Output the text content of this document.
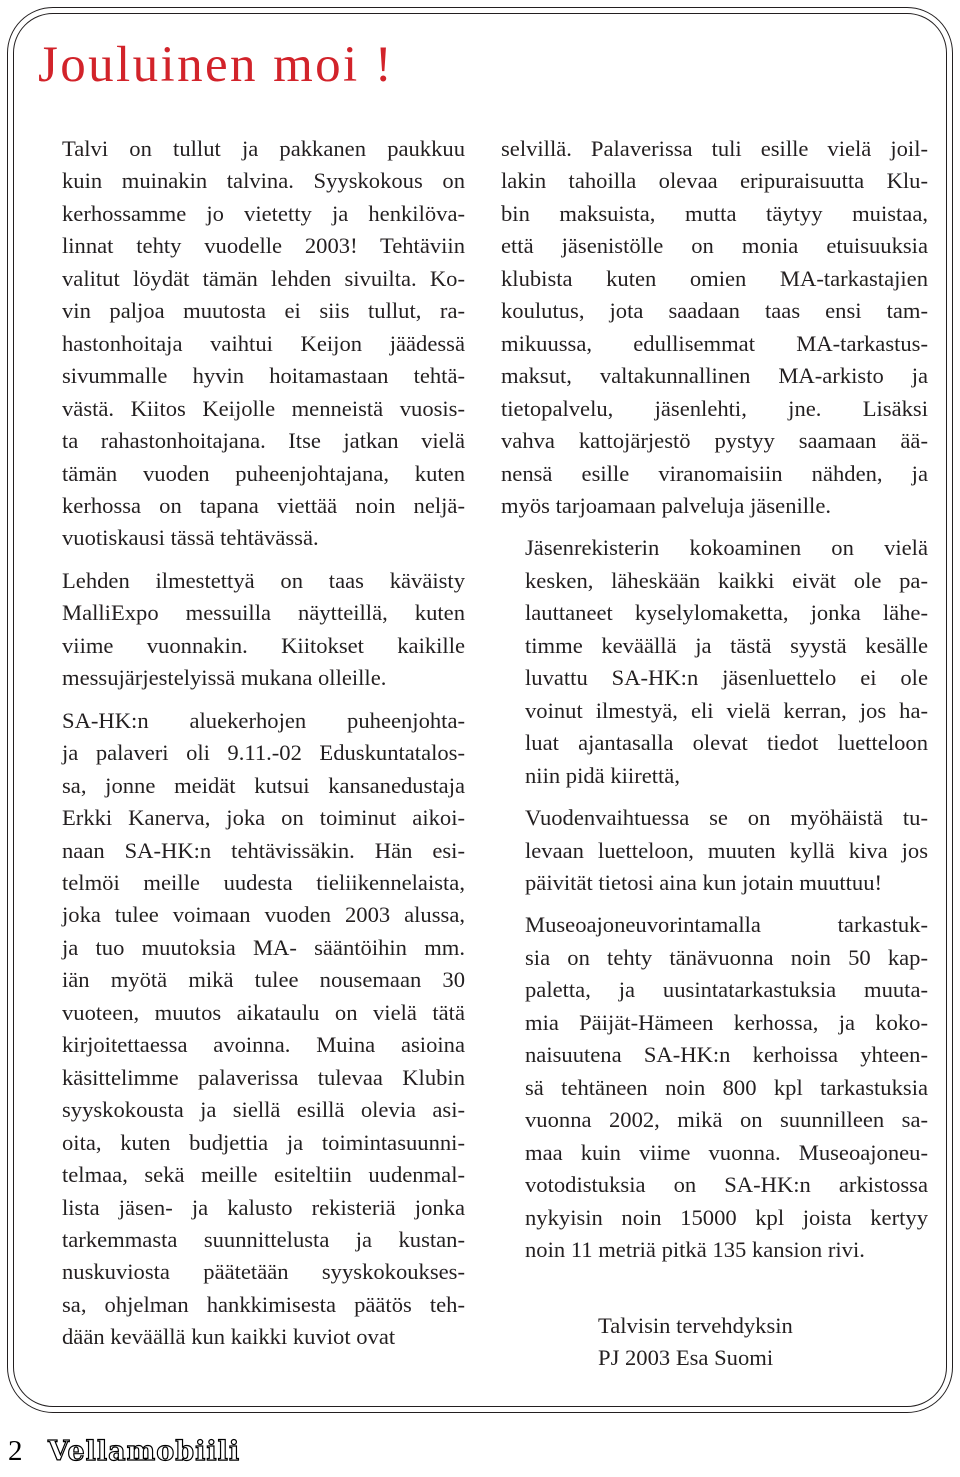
Jouluinen moi !

Talvi on tullut ja pakkanen paukkuu
kuin muinakin talvina. Syyskokous on
kerhossamme jo vietetty ja henkilöva-
linnat tehty vuodelle 2003! Tehtäviin
valitut löydät tämän lehden sivuilta. Ko-
vin paljoa muutosta ei siis tullut, ra-
hastonhoitaja vaihtui Keijon jäädessä
sivummalle hyvin hoitamastaan tehtä-
västä. Kiitos Keijolle menneistä vuosis-
ta rahastonhoitajana. Itse jatkan vielä
tämän vuoden puheenjohtajana, kuten
kerhossa on tapana viettää noin neljä-
vuotiskausi tässä tehtävässä.

Lehden ilmestettyä on taas käväisty
MalliExpo messuilla näytteillä, kuten
viime vuonnakin. Kiitokset kaikille
messujärjestelyissä mukana olleille.

SA-HK:n aluekerhojen puheenjohta-
ja palaveri oli 9.11.-02 Eduskuntatalos-
sa, jonne meidät kutsui kansanedustaja
Erkki Kanerva, joka on toiminut aikoi-
naan SA-HK:n tehtävissäkin. Hän esi-
telmöi meille uudesta tieliikennelaista,
joka tulee voimaan vuoden 2003 alussa,
ja tuo muutoksia MA- sääntöihin mm.
iän myötä mikä tulee nousemaan 30
vuoteen, muutos aikataulu on vielä tätä
kirjoitettaessa avoinna. Muina asioina
käsittelimme palaverissa tulevaa Klubin
syyskokousta ja siellä esillä olevia asi-
oita, kuten budjettia ja toimintasuunni-
telmaa, sekä meille esiteltiin uudenmal-
lista jäsen- ja kalusto rekisteriä jonka
tarkemmasta suunnittelusta ja kustan-
nuskuviosta päätetään syyskokoukses-
sa, ohjelman hankkimisesta päätös teh-
dään keväällä kun kaikki kuviot ovat

selvillä. Palaverissa tuli esille vielä joil-
lakin tahoilla olevaa eripuraisuutta Klu-
bin maksuista, mutta täytyy muistaa,
että jäsenistölle on monia etuisuuksia
klubista kuten omien MA-tarkastajien
koulutus, jota saadaan taas ensi tam-
mikuussa, edullisemmat MA-tarkastus-
maksut, valtakunnallinen MA-arkisto ja
tietopalvelu, jäsenlehti, jne. Lisäksi
vahva kattojärjestö pystyy saamaan ää-
nensä esille viranomaisiin nähden, ja
myös tarjoamaan palveluja jäsenille.

Jäsenrekisterin kokoaminen on vielä
kesken, läheskään kaikki eivät ole pa-
lauttaneet kyselylomaketta, jonka lähe-
timme keväällä ja tästä syystä kesälle
luvattu SA-HK:n jäsenluettelo ei ole
voinut ilmestyä, eli vielä kerran, jos ha-
luat ajantasalla olevat tiedot luetteloon
niin pidä kiirettä,

Vuodenvaihtuessa se on myöhäistä tu-
levaan luetteloon, muuten kyllä kiva jos
päivität tietosi aina kun jotain muuttuu!

Museoajoneuvorintamalla tarkastuk-
sia on tehty tänävuonna noin 50 kap-
paletta, ja uusintatarkastuksia muuta-
mia Päijät-Hämeen kerhossa, ja koko-
naisuutena SA-HK:n kerhoissa yhteen-
sä tehtäneen noin 800 kpl tarkastuksia
vuonna 2002, mikä on suunnilleen sa-
maa kuin viime vuonna. Museoajoneu-
votodistuksia on SA-HK:n arkistossa
nykyisin noin 15000 kpl joista kertyy
noin 11 metriä pitkä 135 kansion rivi.

Talvisin tervehdyksin
PJ 2003 Esa Suomi
2 Vellamobiili
